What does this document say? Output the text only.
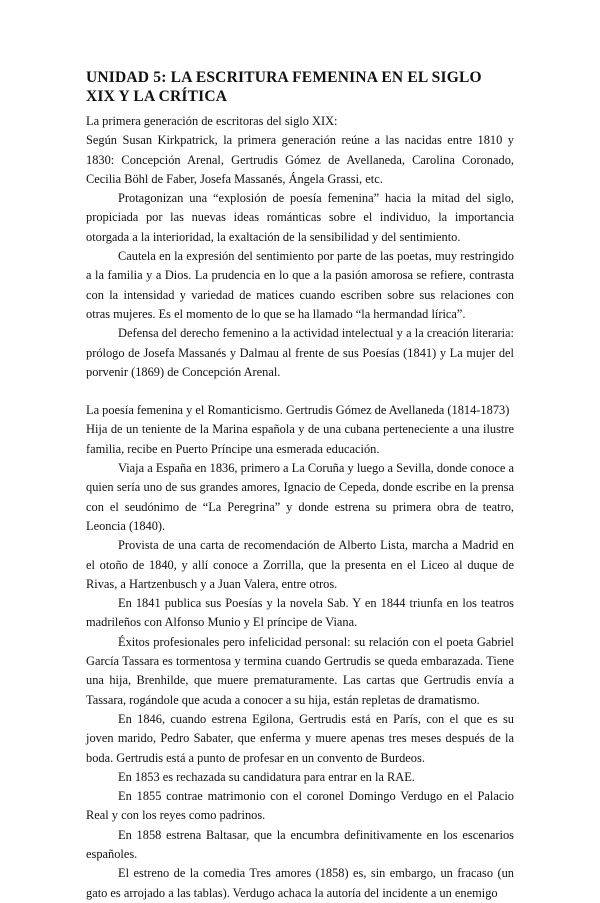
UNIDAD 5: LA ESCRITURA FEMENINA EN EL SIGLO XIX Y LA CRÍTICA
La primera generación de escritoras del siglo XIX:

Según Susan Kirkpatrick, la primera generación reúne a las nacidas entre 1810 y 1830: Concepción Arenal, Gertrudis Gómez de Avellaneda, Carolina Coronado, Cecilia Böhl de Faber, Josefa Massanés, Ángela Grassi, etc.

Protagonizan una “explosión de poesía femenina” hacia la mitad del siglo, propiciada por las nuevas ideas románticas sobre el individuo, la importancia otorgada a la interioridad, la exaltación de la sensibilidad y del sentimiento.

Cautela en la expresión del sentimiento por parte de las poetas, muy restringido a la familia y a Dios. La prudencia en lo que a la pasión amorosa se refiere, contrasta con la intensidad y variedad de matices cuando escriben sobre sus relaciones con otras mujeres. Es el momento de lo que se ha llamado “la hermandad lírica”.

Defensa del derecho femenino a la actividad intelectual y a la creación literaria: prólogo de Josefa Massanés y Dalmau al frente de sus Poesías (1841) y La mujer del porvenir (1869) de Concepción Arenal.

La poesía femenina y el Romanticismo. Gertrudis Gómez de Avellaneda (1814-1873)

Hija de un teniente de la Marina española y de una cubana perteneciente a una ilustre familia, recibe en Puerto Príncipe una esmerada educación.

Viaja a España en 1836, primero a La Coruña y luego a Sevilla, donde conoce a quien sería uno de sus grandes amores, Ignacio de Cepeda, donde escribe en la prensa con el seudónimo de “La Peregrina” y donde estrena su primera obra de teatro, Leoncia (1840).

Provista de una carta de recomendación de Alberto Lista, marcha a Madrid en el otoño de 1840, y allí conoce a Zorrilla, que la presenta en el Liceo al duque de Rivas, a Hartzenbusch y a Juan Valera, entre otros.

En 1841 publica sus Poesías y la novela Sab. Y en 1844 triunfa en los teatros madrileños con Alfonso Munio y El príncipe de Viana.

Éxitos profesionales pero infelicidad personal: su relación con el poeta Gabriel García Tassara es tormentosa y termina cuando Gertrudis se queda embarazada. Tiene una hija, Brenhilde, que muere prematuramente. Las cartas que Gertrudis envía a Tassara, rogándole que acuda a conocer a su hija, están repletas de dramatismo.

En 1846, cuando estrena Egilona, Gertrudis está en París, con el que es su joven marido, Pedro Sabater, que enferma y muere apenas tres meses después de la boda. Gertrudis está a punto de profesar en un convento de Burdeos.

En 1853 es rechazada su candidatura para entrar en la RAE.

En 1855 contrae matrimonio con el coronel Domingo Verdugo en el Palacio Real y con los reyes como padrinos.

En 1858 estrena Baltasar, que la encumbra definitivamente en los escenarios españoles.

El estreno de la comedia Tres amores (1858) es, sin embargo, un fracaso (un gato es arrojado a las tablas). Verdugo achaca la autoría del incidente a un enemigo
